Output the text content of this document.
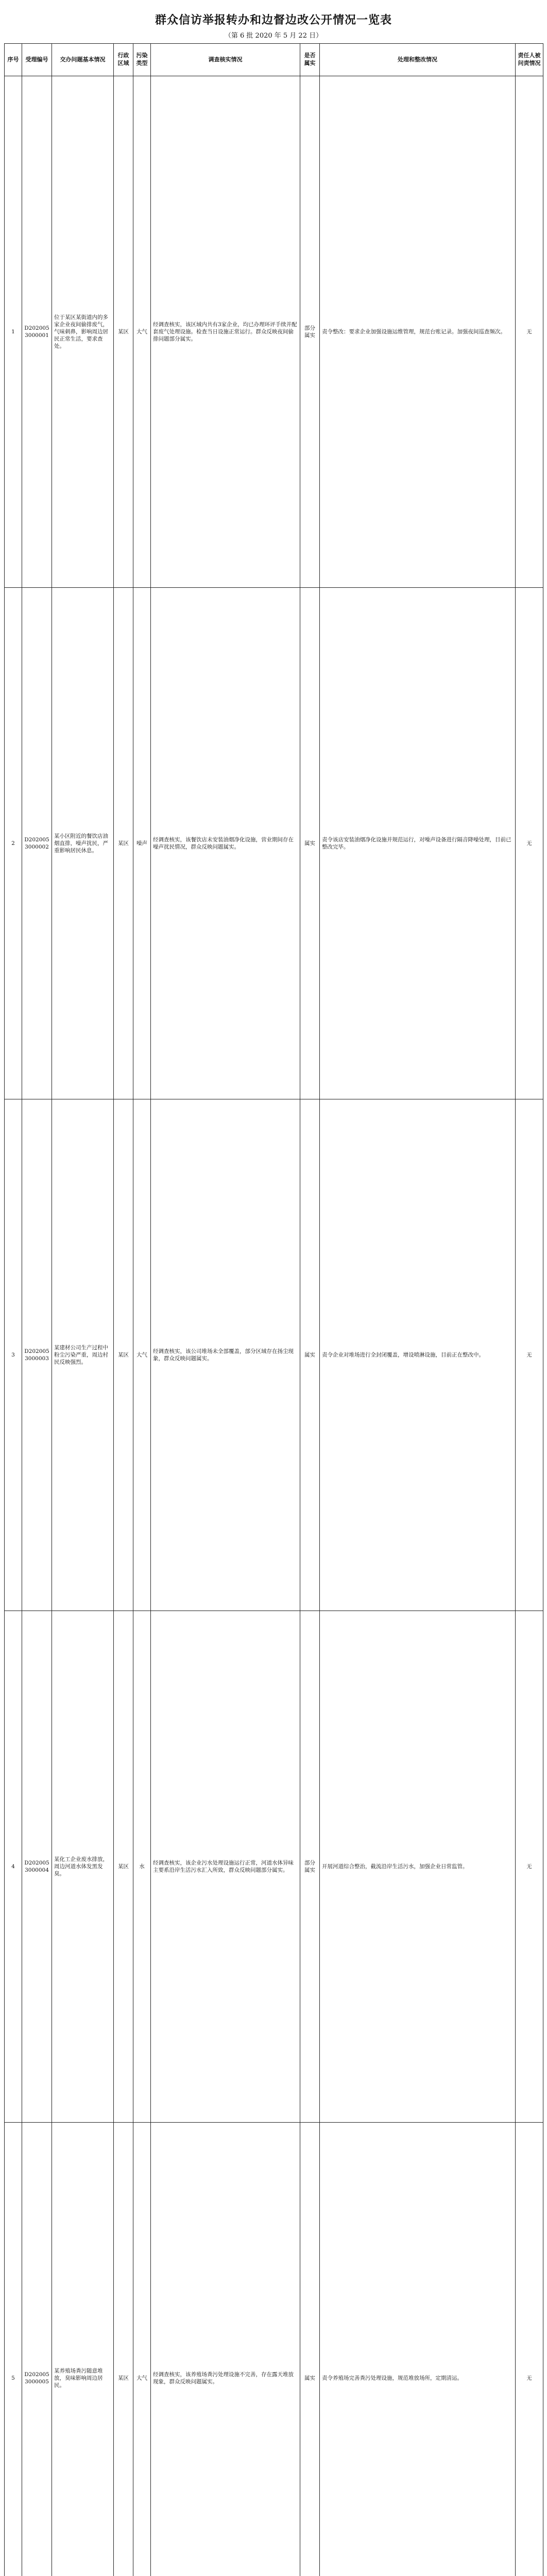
群众信访举报转办和边督边改公开情况一览表
（第 6 批 2020 年 5 月 22 日）
序号	受理编号	交办问题基本情况	行政区域	污染类型	调查核实情况	是否属实	处理和整改情况	责任人被问责情况
1	D2020053000001	位于某区某街道内的多家企业夜间偷排废气，气味刺鼻，影响周边居民正常生活，要求查处。	某区	大气	经调查核实，该区域内共有3家企业，均已办理环评手续并配套废气处理设施。检查当日设施正常运行。群众反映夜间偷排问题部分属实。	部分属实	责令整改：要求企业加强设施运维管理，规范台账记录。加强夜间巡查频次。	无
2	D2020053000002	某小区附近的餐饮店油烟直排，噪声扰民，严重影响居民休息。	某区	噪声	经调查核实，该餐饮店未安装油烟净化设施，营业期间存在噪声扰民情况，群众反映问题属实。	属实	责令该店安装油烟净化设施并规范运行，对噪声设备进行隔音降噪处理，目前已整改完毕。	无
3	D2020053000003	某建材公司生产过程中粉尘污染严重，周边村民反映强烈。	某区	大气	经调查核实，该公司堆场未全部覆盖，部分区域存在扬尘现象，群众反映问题属实。	属实	责令企业对堆场进行全封闭覆盖，增设喷淋设施，目前正在整改中。	无
4	D2020053000004	某化工企业废水排放，周边河道水体发黑发臭。	某区	水	经调查核实，该企业污水处理设施运行正常，河道水体异味主要系沿岸生活污水汇入所致，群众反映问题部分属实。	部分属实	开展河道综合整治，截流沿岸生活污水，加强企业日常监管。	无
5	D2020053000005	某养殖场粪污随意堆放，臭味影响周边居民。	某区	大气	经调查核实，该养殖场粪污处理设施不完善，存在露天堆放现象，群众反映问题属实。	属实	责令养殖场完善粪污处理设施，规范堆放场所，定期清运。	无
